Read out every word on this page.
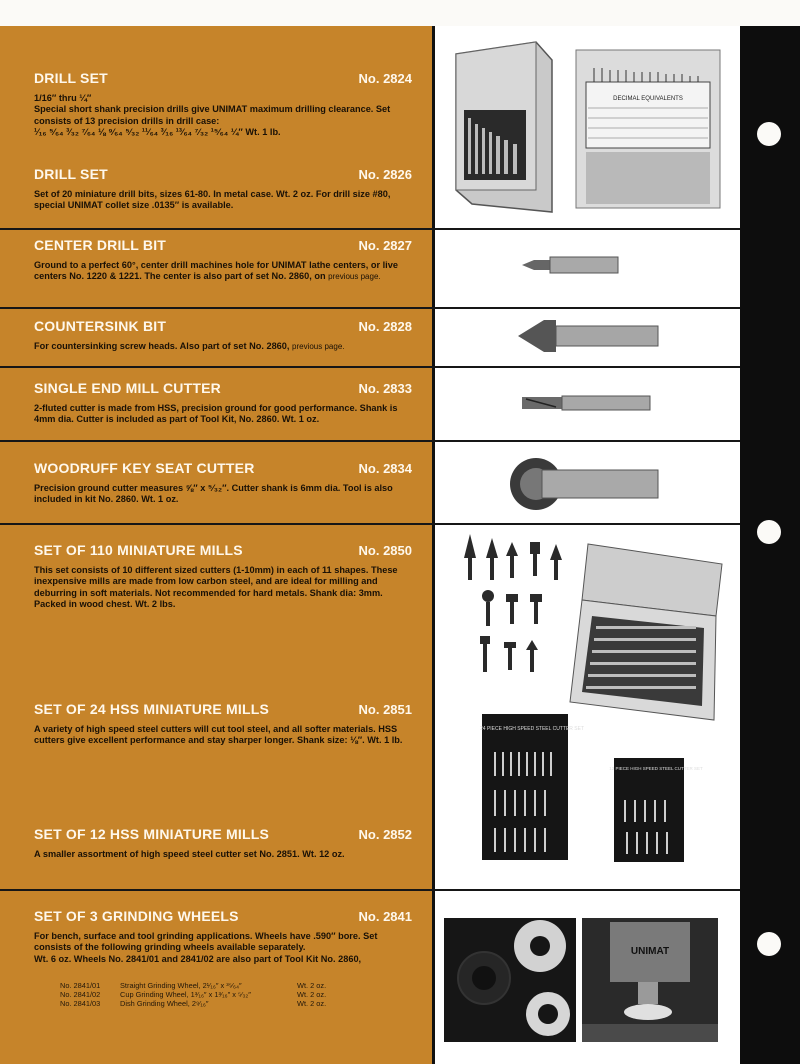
DRILL SET	No. 2824
1/16″ thru ¼″
Special short shank precision drills give UNIMAT maximum drilling clearance. Set consists of 13 precision drills in drill case:
¹⁄₁₆ ⁵⁄₆₄ ³⁄₃₂ ⁷⁄₆₄ ⅛ ⁹⁄₆₄ ⁵⁄₃₂ ¹¹⁄₆₄ ³⁄₁₆ ¹³⁄₆₄ ⁷⁄₃₂ ¹⁵⁄₆₄ ¼″ Wt. 1 lb.
DRILL SET	No. 2826
Set of 20 miniature drill bits, sizes 61-80. In metal case. Wt. 2 oz. For drill size #80, special UNIMAT collet size .0135″ is available.
CENTER DRILL BIT	No. 2827
Ground to a perfect 60°, center drill machines hole for UNIMAT lathe centers, or live centers No. 1220 & 1221. The center is also part of set No. 2860, on previous page.
COUNTERSINK BIT	No. 2828
For countersinking screw heads. Also part of set No. 2860, previous page.
SINGLE END MILL CUTTER	No. 2833
2-fluted cutter is made from HSS, precision ground for good performance. Shank is 4mm dia. Cutter is included as part of Tool Kit, No. 2860. Wt. 1 oz.
WOODRUFF KEY SEAT CUTTER	No. 2834
Precision ground cutter measures ⅝″ x ⁵⁄₃₂″. Cutter shank is 6mm dia. Tool is also included in kit No. 2860. Wt. 1 oz.
SET OF 110 MINIATURE MILLS	No. 2850
This set consists of 10 different sized cutters (1-10mm) in each of 11 shapes. These inexpensive mills are made from low carbon steel, and are ideal for milling and deburring in soft materials. Not recommended for hard metals. Shank dia: 3mm. Packed in wood chest. Wt. 2 lbs.
SET OF 24 HSS MINIATURE MILLS	No. 2851
A variety of high speed steel cutters will cut tool steel, and all softer materials. HSS cutters give excellent performance and stay sharper longer. Shank size: ⅛″. Wt. 1 lb.
SET OF 12 HSS MINIATURE MILLS	No. 2852
A smaller assortment of high speed steel cutter set No. 2851. Wt. 12 oz.
SET OF 3 GRINDING WHEELS	No. 2841
For bench, surface and tool grinding applications. Wheels have .590″ bore. Set consists of the following grinding wheels available separately.
Wt. 6 oz. Wheels No. 2841/01 and 2841/02 are also part of Tool Kit No. 2860,
No. 2841/01	Straight Grinding Wheel, 2¹⁄₁₆″ x ³⁵⁄₆₄″	Wt. 2 oz.
No. 2841/02	Cup Grinding Wheel, 1³⁄₁₆″ x 1³⁄₁₆″ x ⁵⁄₃₂″	Wt. 2 oz.
No. 2841/03	Dish Grinding Wheel, 2⁹⁄₁₆″	Wt. 2 oz.
DECIMAL EQUIVALENTS
24 PIECE HIGH SPEED STEEL CUTTER SET
12 PIECE HIGH SPEED STEEL CUTTER SET
UNIMAT
